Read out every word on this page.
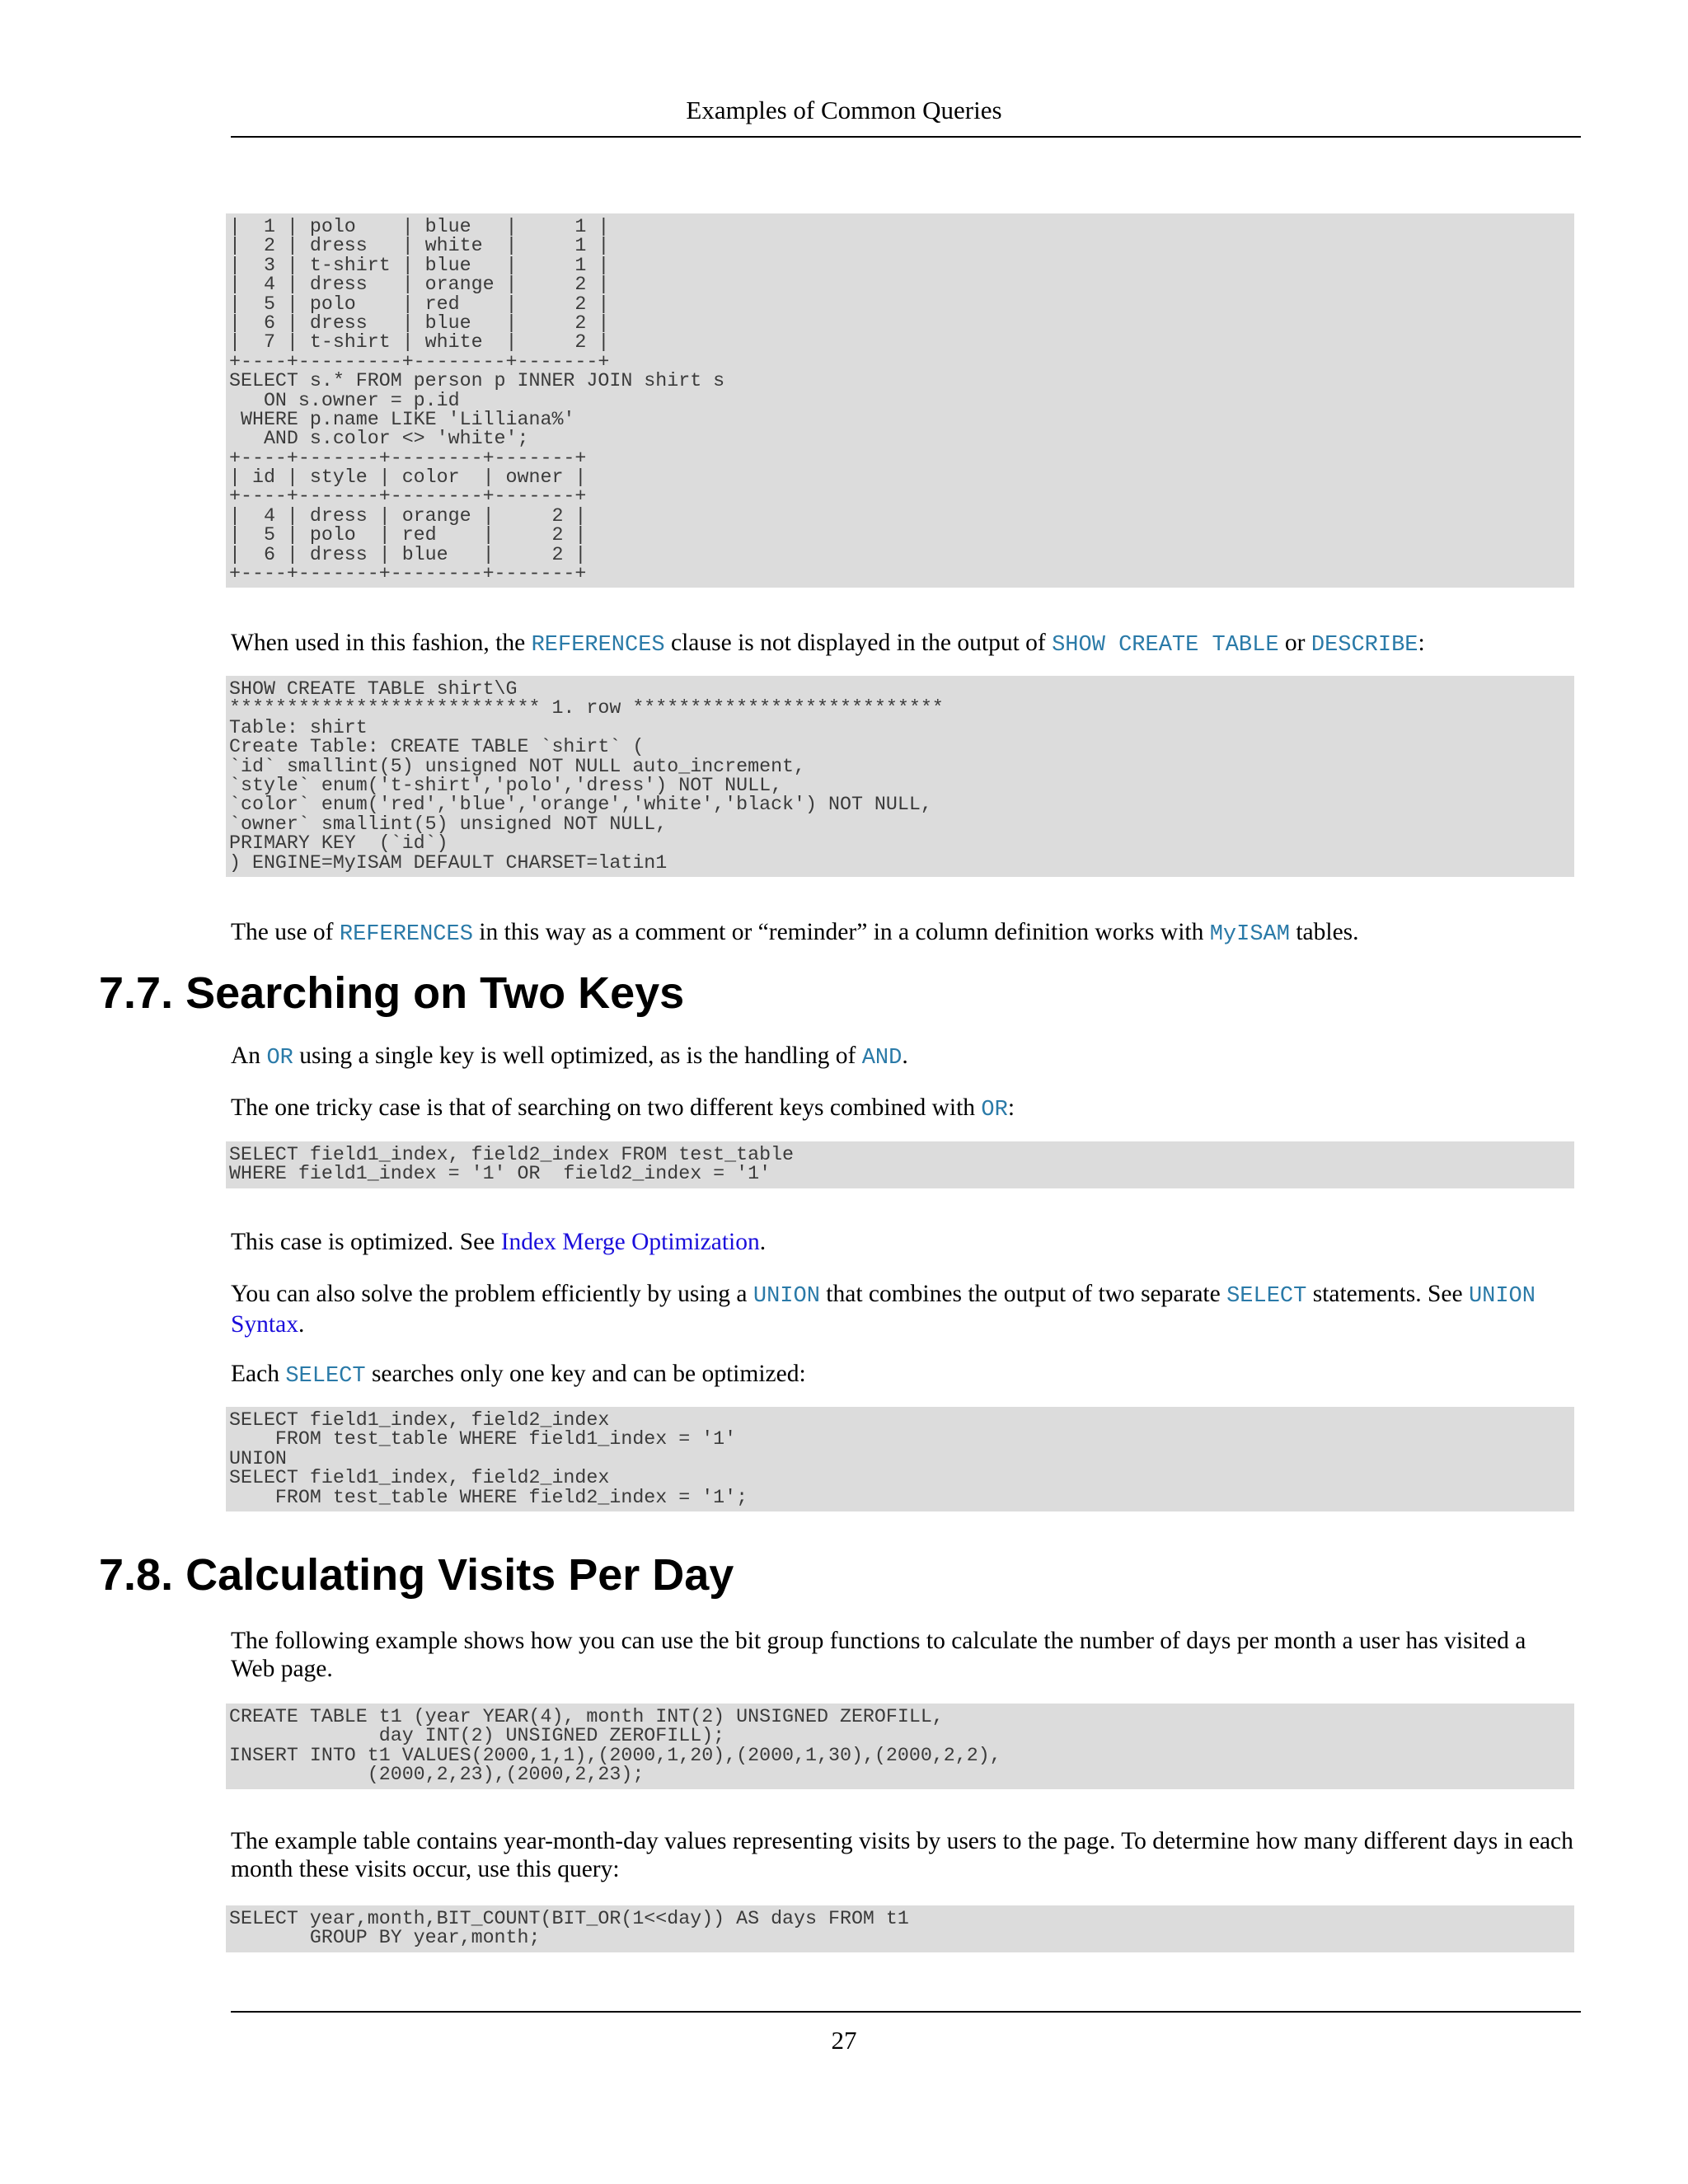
Examples of Common Queries
|  1 | polo    | blue   |     1 |
|  2 | dress   | white  |     1 |
|  3 | t-shirt | blue   |     1 |
|  4 | dress   | orange |     2 |
|  5 | polo    | red    |     2 |
|  6 | dress   | blue   |     2 |
|  7 | t-shirt | white  |     2 |
+----+---------+--------+-------+
SELECT s.* FROM person p INNER JOIN shirt s
ON s.owner = p.id
WHERE p.name LIKE 'Lilliana%'
AND s.color <> 'white';
+----+-------+--------+-------+
| id | style | color  | owner |
+----+-------+--------+-------+
|  4 | dress | orange |     2 |
|  5 | polo  | red    |     2 |
|  6 | dress | blue   |     2 |
+----+-------+--------+-------+

When used in this fashion, the REFERENCES clause is not displayed in the output of SHOW CREATE TABLE or DESCRIBE:

SHOW CREATE TABLE shirt\G
*************************** 1. row ***************************
Table: shirt
Create Table: CREATE TABLE `shirt` (
`id` smallint(5) unsigned NOT NULL auto_increment,
`style` enum('t-shirt','polo','dress') NOT NULL,
`color` enum('red','blue','orange','white','black') NOT NULL,
`owner` smallint(5) unsigned NOT NULL,
PRIMARY KEY  (`id`)
) ENGINE=MyISAM DEFAULT CHARSET=latin1

The use of REFERENCES in this way as a comment or “reminder” in a column definition works with MyISAM tables.

7.7. Searching on Two Keys

An OR using a single key is well optimized, as is the handling of AND.

The one tricky case is that of searching on two different keys combined with OR:

SELECT field1_index, field2_index FROM test_table
WHERE field1_index = '1' OR  field2_index = '1'

This case is optimized. See Index Merge Optimization.

You can also solve the problem efficiently by using a UNION that combines the output of two separate SELECT statements. See UNION
Syntax.

Each SELECT searches only one key and can be optimized:

SELECT field1_index, field2_index
FROM test_table WHERE field1_index = '1'
UNION
SELECT field1_index, field2_index
FROM test_table WHERE field2_index = '1';
7.8. Calculating Visits Per Day

The following example shows how you can use the bit group functions to calculate the number of days per month a user has visited a Web page.

CREATE TABLE t1 (year YEAR(4), month INT(2) UNSIGNED ZEROFILL,
day INT(2) UNSIGNED ZEROFILL);
INSERT INTO t1 VALUES(2000,1,1),(2000,1,20),(2000,1,30),(2000,2,2),
(2000,2,23),(2000,2,23);

The example table contains year-month-day values representing visits by users to the page. To determine how many different days in each month these visits occur, use this query:

SELECT year,month,BIT_COUNT(BIT_OR(1<<day)) AS days FROM t1
GROUP BY year,month;
27
